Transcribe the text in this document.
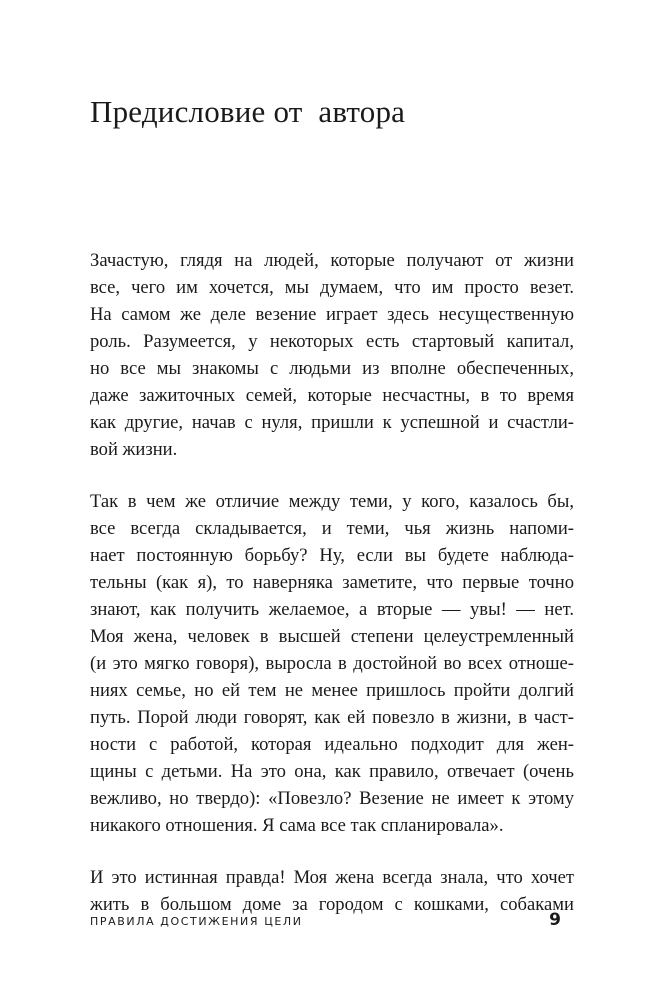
Предисловие от  автора

Зачастую, глядя на людей, которые получают от жизни
все, чего им хочется, мы думаем, что им просто везет.
На самом же деле везение играет здесь несущественную
роль. Разумеется, у некоторых есть стартовый капитал,
но все мы знакомы с людьми из вполне обеспеченных,
даже зажиточных семей, которые несчастны, в то время
как другие, начав с нуля, пришли к успешной и счастли-
вой жизни.

Так в чем же отличие между теми, у кого, казалось бы,
все всегда складывается, и теми, чья жизнь напоми-
нает постоянную борьбу? Ну, если вы будете наблюда-
тельны (как я), то наверняка заметите, что первые точно
знают, как получить желаемое, а вторые — увы! — нет.
Моя жена, человек в высшей степени целеустремленный
(и это мягко говоря), выросла в достойной во всех отноше-
ниях семье, но ей тем не менее пришлось пройти долгий
путь. Порой люди говорят, как ей повезло в жизни, в част-
ности с работой, которая идеально подходит для жен-
щины с детьми. На это она, как правило, отвечает (очень
вежливо, но твердо): «Повезло? Везение не имеет к этому
никакого отношения. Я сама все так спланировала».

И это истинная правда! Моя жена всегда знала, что хочет
жить в большом доме за городом с кошками, собаками

ПРАВИЛА ДОСТИЖЕНИЯ ЦЕЛИ	9
